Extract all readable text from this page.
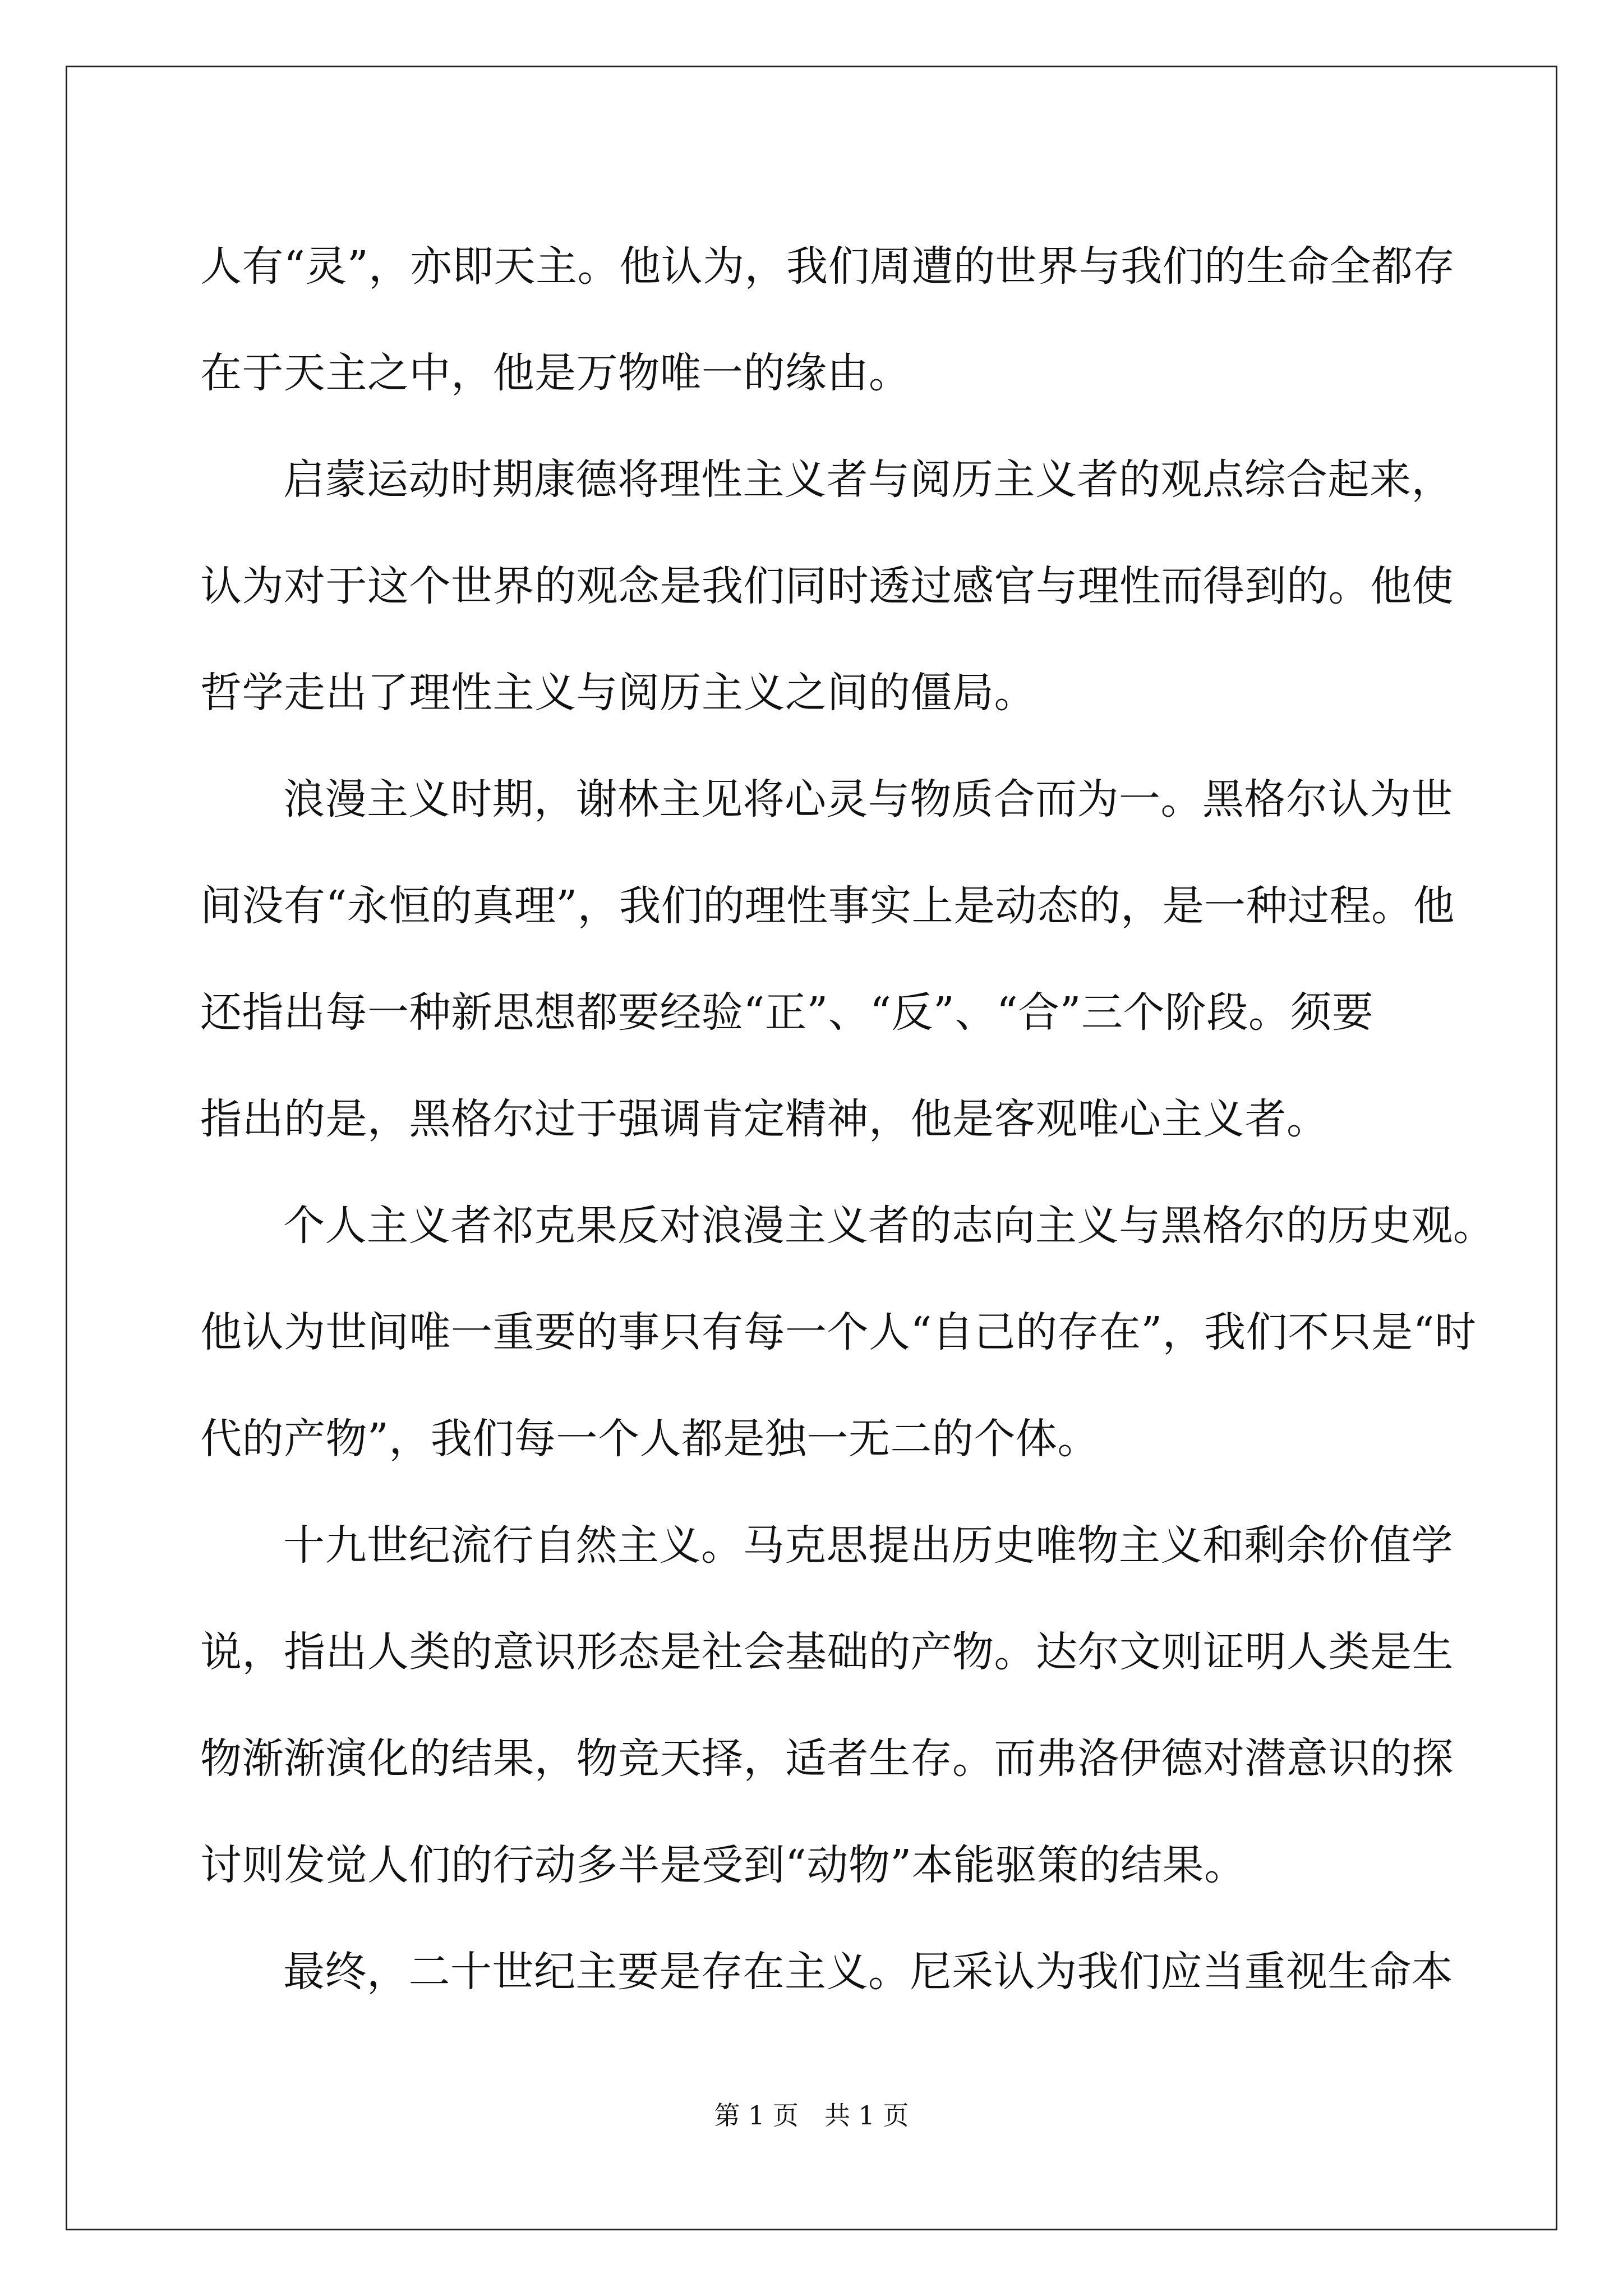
人有“灵”，亦即天主。他认为，我们周遭的世界与我们的生命全都存
在于天主之中，他是万物唯一的缘由。
启蒙运动时期康德将理性主义者与阅历主义者的观点综合起来，
认为对于这个世界的观念是我们同时透过感官与理性而得到的。他使
哲学走出了理性主义与阅历主义之间的僵局。
浪漫主义时期，谢林主见将心灵与物质合而为一。黑格尔认为世
间没有“永恒的真理”，我们的理性事实上是动态的，是一种过程。他
还指出每一种新思想都要经验“正”、“反”、“合”三个阶段。须要
指出的是，黑格尔过于强调肯定精神，他是客观唯心主义者。
个人主义者祁克果反对浪漫主义者的志向主义与黑格尔的历史观。
他认为世间唯一重要的事只有每一个人“自己的存在”，我们不只是“时
代的产物”，我们每一个人都是独一无二的个体。
十九世纪流行自然主义。马克思提出历史唯物主义和剩余价值学
说，指出人类的意识形态是社会基础的产物。达尔文则证明人类是生
物渐渐演化的结果，物竞天择，适者生存。而弗洛伊德对潜意识的探
讨则发觉人们的行动多半是受到“动物”本能驱策的结果。
最终，二十世纪主要是存在主义。尼采认为我们应当重视生命本
第 1 页　共 1 页
